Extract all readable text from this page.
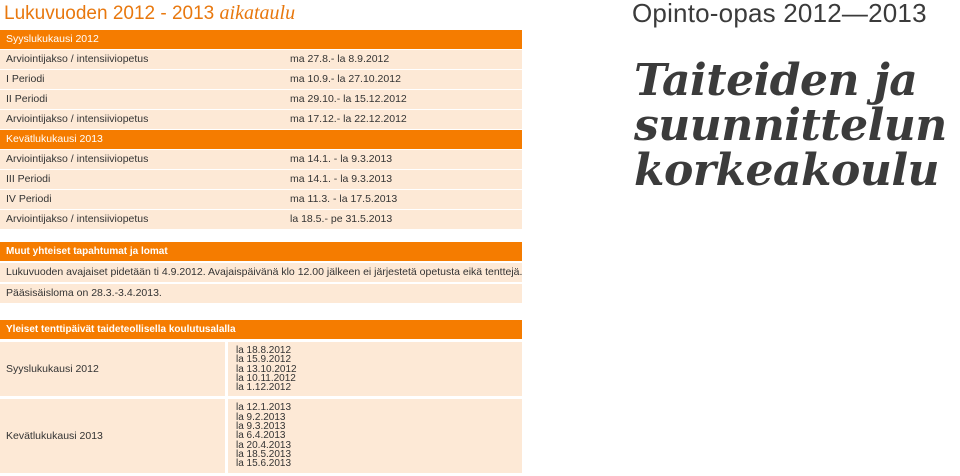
Lukuvuoden 2012 - 2013 aikataulu	Opinto-opas 2012—2013
Taiteiden ja
suunnittelun
korkeakoulu
Syyslukukausi 2012
Arviointijakso / intensiiviopetus	ma 27.8.- la 8.9.2012
I Periodi	ma 10.9.- la 27.10.2012
II Periodi	ma 29.10.- la 15.12.2012
Arviointijakso / intensiiviopetus	ma 17.12.- la 22.12.2012
Kevätlukukausi 2013
Arviointijakso / intensiiviopetus	ma 14.1. - la 9.3.2013
III Periodi	ma 14.1. - la 9.3.2013
IV Periodi	ma 11.3. - la 17.5.2013
Arviointijakso / intensiiviopetus	la 18.5.- pe 31.5.2013
Muut yhteiset tapahtumat ja lomat
Lukuvuoden avajaiset pidetään ti 4.9.2012. Avajaispäivänä klo 12.00 jälkeen ei järjestetä opetusta eikä tenttejä.
Pääsisäisloma on 28.3.-3.4.2013.
Yleiset tenttipäivät taideteollisella koulutusalalla
Syyslukukausi 2012
la 18.8.2012
la 15.9.2012
la 13.10.2012
la 10.11.2012
la 1.12.2012
Kevätlukukausi 2013
la 12.1.2013
la 9.2.2013
la 9.3.2013
la 6.4.2013
la 20.4.2013
la 18.5.2013
la 15.6.2013
